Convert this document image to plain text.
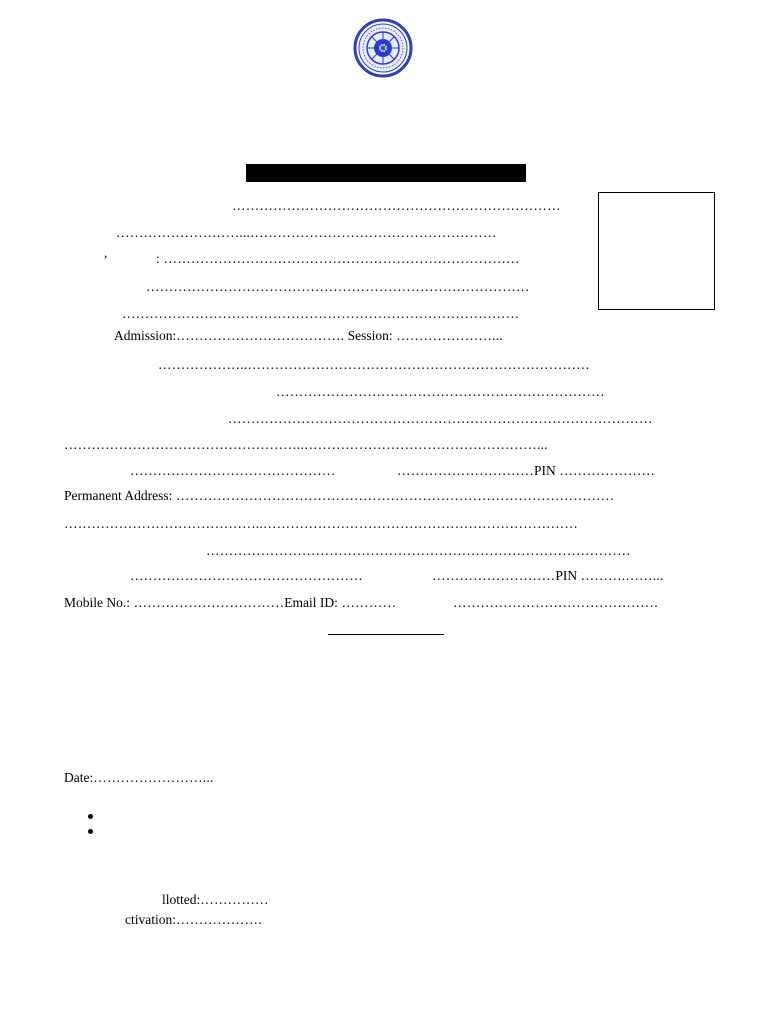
………………………………………………………………
………………………...………………………………………………
,	: ……………………………………………………………………
…………………………………………………………………………
……………………………………………………………………………
Admission:………………………………. Session: …………………...
………………..…………………………………………………………………
………………………………………………………………
…………………………………………………………………………………
……………………………………………..……………………………………………...
………………………………………	…………………………PIN …………………
Permanent Address: ……………………………………………………………………………………
……………………………………..……………………………………………………………
…………………………………………………………………………………
……………………………………………	………………………PIN ……….……...
Mobile No.: ……………………………Email ID: …………	………………………………………
Date:……………………...
llotted:……………
ctivation:……………….
